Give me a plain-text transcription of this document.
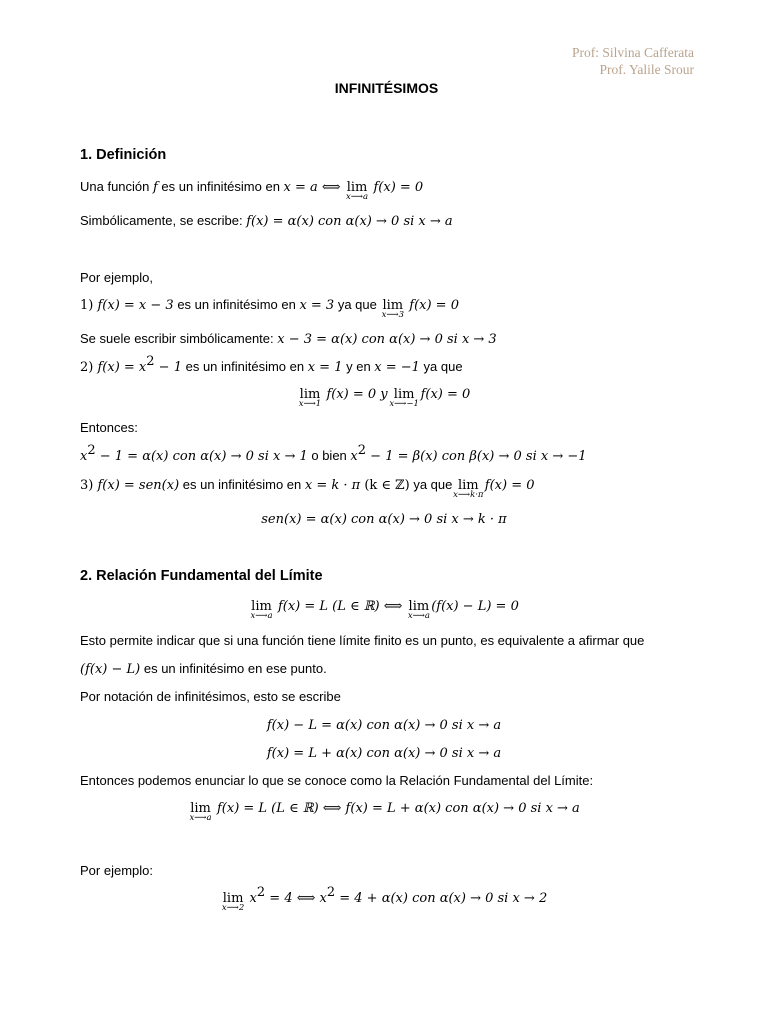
Prof: Silvina Cafferata
Prof. Yalile Srour
INFINITÉSIMOS
1. Definición
Una función f es un infinitésimo en x = a ⟺ lim
x⟶a
f(x) = 0
Simbólicamente, se escribe: f(x) = α(x) con α(x) → 0 si x → a
Por ejemplo,
1) f(x) = x − 3 es un infinitésimo en x = 3 ya que lim
x⟶3
f(x) = 0
Se suele escribir simbólicamente: x − 3 = α(x) con α(x) → 0 si x → 3
2) $f(x) = x^2 - 1$ es un infinitésimo en x = 1 y en x = −1 ya que
lim
x⟶1
f(x) = 0 y lim
x⟶−1
f(x) = 0
Entonces:
$x^2 - 1 = \alpha(x)$ con α(x) → 0 si x → 1 o bien $x^2 - 1 = \beta(x)$ con β(x) → 0 si x → −1
3) f(x) = sen(x) es un infinitésimo en x = k · π (k ∈ ℤ) ya que lim
x⟶k·π
f(x) = 0
sen(x) = α(x) con α(x) → 0 si x → k · π
2. Relación Fundamental del Límite
lim
x⟶a
f(x) = L (L ∈ ℝ) ⟺ lim
x⟶a
(f(x) − L) = 0
Esto permite indicar que si una función tiene límite finito es un punto, es equivalente a afirmar que
(f(x) − L) es un infinitésimo en ese punto.
Por notación de infinitésimos, esto se escribe
f(x) − L = α(x) con α(x) → 0 si x → a
f(x) = L + α(x) con α(x) → 0 si x → a
Entonces podemos enunciar lo que se conoce como la Relación Fundamental del Límite:
lim
x⟶a
f(x) = L (L ∈ ℝ) ⟺ f(x) = L + α(x) con α(x) → 0 si x → a
Por ejemplo:
lim
x⟶2
$x^2 = 4$ ⟺ $x^2 = 4 + \alpha(x)$ con α(x) → 0 si x → 2
